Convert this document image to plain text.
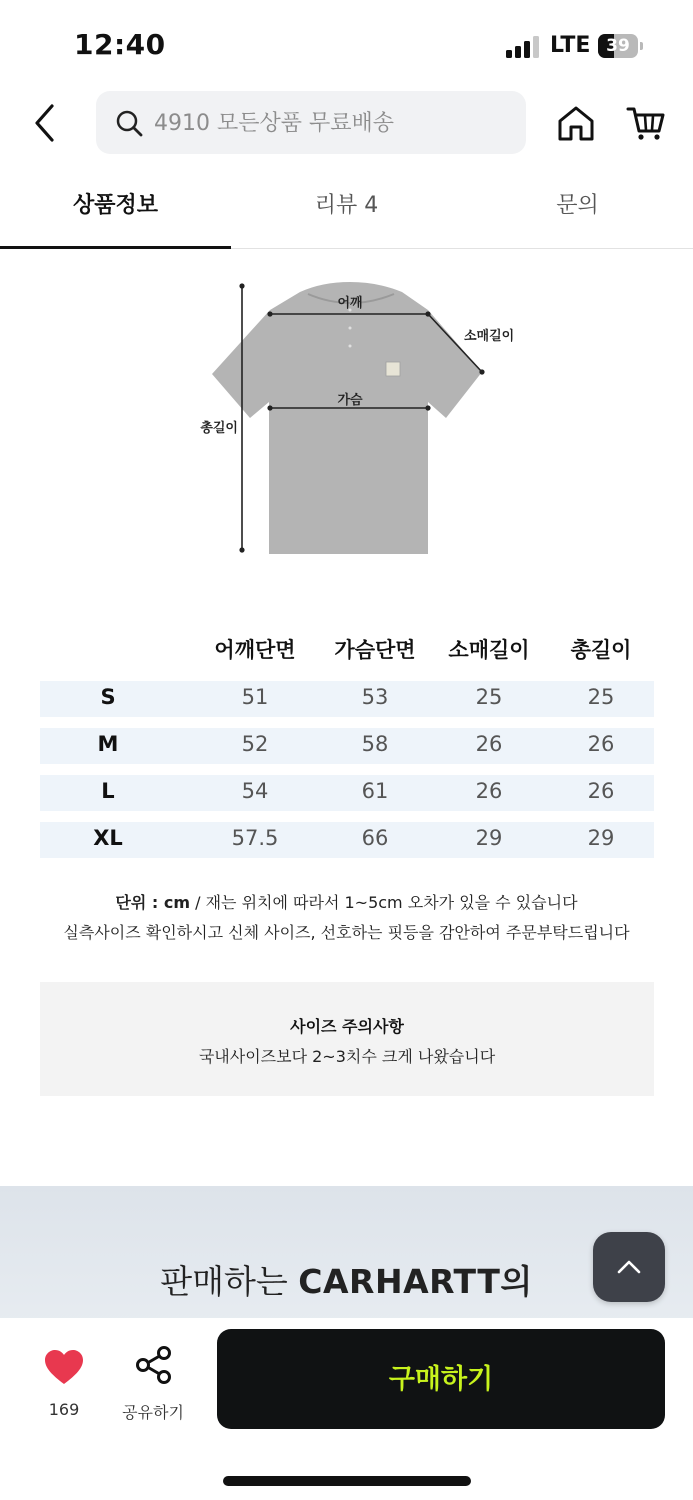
12:40	LTE 39
4910 모든상품 무료배송
상품정보	리뷰 4	문의
어깨
소매길이
가슴
총길이
어깨단면	가슴단면	소매길이	총길이
S	51	53	25	25
M	52	58	26	26
L	54	61	26	26
XL	57.5	66	29	29
단위 : cm / 재는 위치에 따라서 1~5cm 오차가 있을 수 있습니다
실측사이즈 확인하시고 신체 사이즈, 선호하는 핏등을 감안하여 주문부탁드립니다
사이즈 주의사항
국내사이즈보다 2~3치수 크게 나왔습니다
판매하는 CARHARTT의
169	공유하기
구매하기
